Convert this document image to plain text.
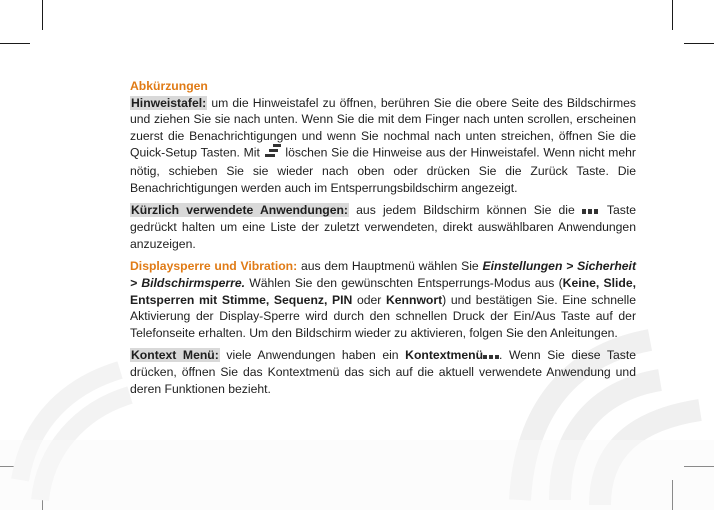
Abkürzungen

Hinweistafel: um die Hinweistafel zu öffnen, berühren Sie die obere Seite des Bildschirmes und ziehen Sie sie nach unten. Wenn Sie die mit dem Finger nach unten scrollen, erscheinen zuerst die Benachrichtigungen und wenn Sie nochmal nach unten streichen, öffnen Sie die Quick-Setup Tasten. Mit  löschen Sie die Hinweise aus der Hinweistafel. Wenn nicht mehr nötig, schieben Sie sie wieder nach oben oder drücken Sie die Zurück Taste. Die Benachrichtigungen werden auch im Entsperrungsbildschirm angezeigt.

Kürzlich verwendete Anwendungen: aus jedem Bildschirm können Sie die  Taste gedrückt halten um eine Liste der zuletzt verwendeten, direkt auswählbaren Anwendungen anzuzeigen.

Displaysperre und Vibration: aus dem Hauptmenü wählen Sie Einstellungen > Sicherheit > Bildschirmsperre. Wählen Sie den gewünschten Entsperrungs-Modus aus (Keine, Slide, Entsperren mit Stimme, Sequenz, PIN oder Kennwort) und bestätigen Sie. Eine schnelle Aktivierung der Display-Sperre wird durch den schnellen Druck der Ein/Aus Taste auf der Telefonseite erhalten. Um den Bildschirm wieder zu aktivieren, folgen Sie den Anleitungen.

Kontext Menü: viele Anwendungen haben ein Kontextmenü . Wenn Sie diese Taste drücken, öffnen Sie das Kontextmenü das sich auf die aktuell verwendete Anwendung und deren Funktionen bezieht.
